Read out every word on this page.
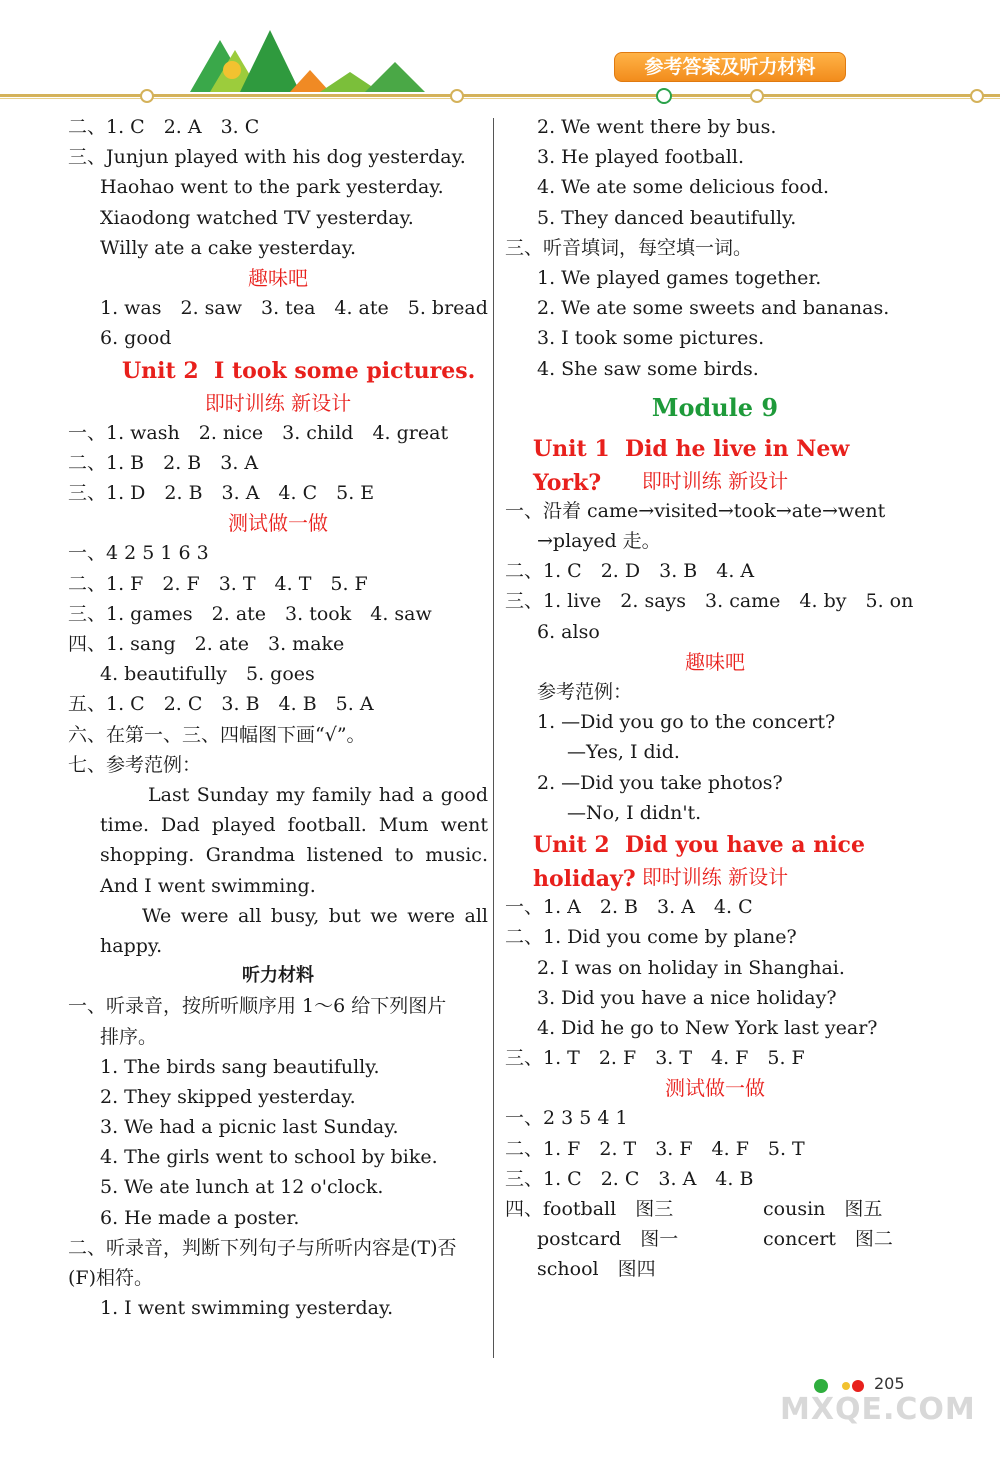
参考答案及听力材料
二、1. C　2. A　3. C
三、Junjun played with his dog yesterday.
Haohao went to the park yesterday.
Xiaodong watched TV yesterday.
Willy ate a cake yesterday.
趣味吧
1. was　2. saw　3. tea　4. ate　5. bread
6. good
Unit 2 I took some pictures.
即时训练 新设计
一、1. wash　2. nice　3. child　4. great
二、1. B　2. B　3. A
三、1. D　2. B　3. A　4. C　5. E
测试做一做
一、4 2 5 1 6 3
二、1. F　2. F　3. T　4. T　5. F
三、1. games　2. ate　3. took　4. saw
四、1. sang　2. ate　3. make
4. beautifully　5. goes
五、1. C　2. C　3. B　4. B　5. A
六、在第一、三、四幅图下画“√”。
七、参考范例：
Last Sunday my family had a good time. Dad played football. Mum went shopping. Grandma listened to music. And I went swimming.
We were all busy, but we were all happy.
听力材料
一、听录音，按所听顺序用 1～6 给下列图片
排序。
1. The birds sang beautifully.
2. They skipped yesterday.
3. We had a picnic last Sunday.
4. The girls went to school by bike.
5. We ate lunch at 12 o'clock.
6. He made a poster.
二、听录音，判断下列句子与所听内容是(T)否
(F)相符。
1. I went swimming yesterday.
2. We went there by bus.
3. He played football.
4. We ate some delicious food.
5. They danced beautifully.
三、听音填词，每空填一词。
1. We played games together.
2. We ate some sweets and bananas.
3. I took some pictures.
4. She saw some birds.
Module 9
Unit 1 Did he live in New York?	即时训练 新设计
一、沿着 came→visited→took→ate→went
→played 走。
二、1. C　2. D　3. B　4. A
三、1. live　2. says　3. came　4. by　5. on
6. also
趣味吧
参考范例：
1. —Did you go to the concert?
—Yes, I did.
2. —Did you take photos?
—No, I didn't.
Unit 2 Did you have a nice holiday? 即时训练 新设计
一、1. A　2. B　3. A　4. C
二、1. Did you come by plane?
2. I was on holiday in Shanghai.
3. Did you have a nice holiday?
4. Did he go to New York last year?
三、1. T　2. F　3. T　4. F　5. F
测试做一做
一、2 3 5 4 1
二、1. F　2. T　3. F　4. F　5. T
三、1. C　2. C　3. A　4. B
四、football　图三	cousin　图五
postcard　图一	concert　图二
school　图四
205
MXQE.COM
